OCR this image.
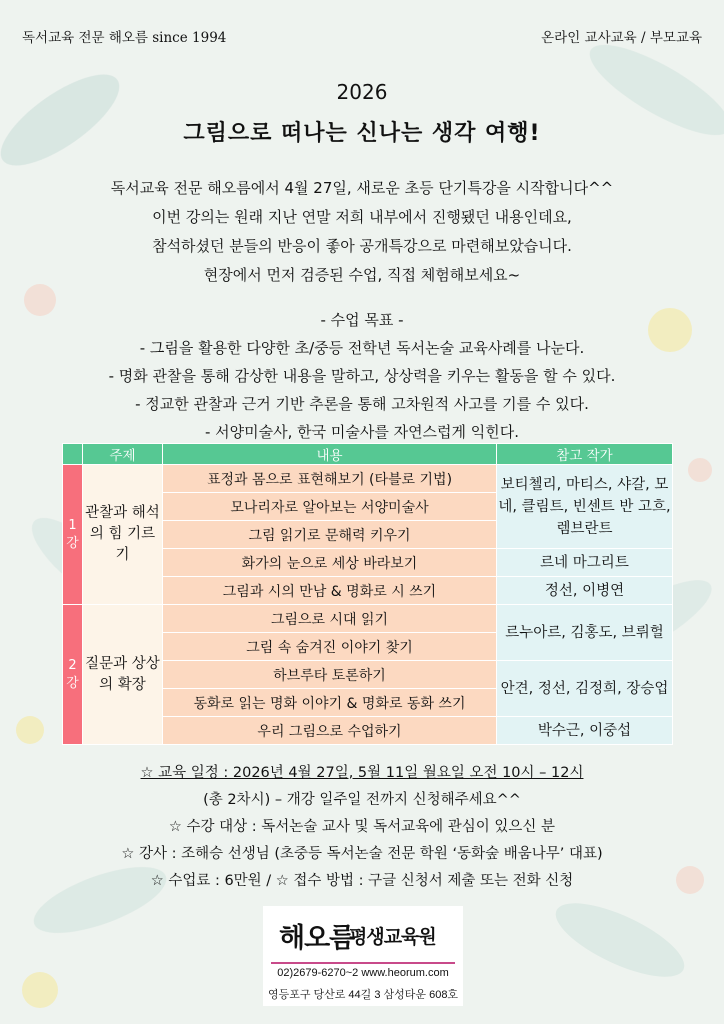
독서교육 전문 해오름 since 1994	온라인 교사교육 / 부모교육
2026
그림으로 떠나는 신나는 생각 여행!
독서교육 전문 해오름에서 4월 27일, 새로운 초등 단기특강을 시작합니다^^
이번 강의는 원래 지난 연말 저희 내부에서 진행됐던 내용인데요,
참석하셨던 분들의 반응이 좋아 공개특강으로 마련해보았습니다.
현장에서 먼저 검증된 수업, 직접 체험해보세요~
- 수업 목표 -
- 그림을 활용한 다양한 초/중등 전학년 독서논술 교육사례를 나눈다.
- 명화 관찰을 통해 감상한 내용을 말하고, 상상력을 키우는 활동을 할 수 있다.
- 정교한 관찰과 근거 기반 추론을 통해 고차원적 사고를 기를 수 있다.
- 서양미술사, 한국 미술사를 자연스럽게 익힌다.
	주제	내용	참고 작가
1 강	관찰과 해석의 힘 기르기	표정과 몸으로 표현해보기 (타블로 기법)	보티첼리, 마티스, 샤갈, 모네, 클림트, 빈센트 반 고흐, 렘브란트
		모나리자로 알아보는 서양미술사	
		그림 읽기로 문해력 키우기	
		화가의 눈으로 세상 바라보기	르네 마그리트
		그림과 시의 만남 & 명화로 시 쓰기	정선, 이병연
2 강	질문과 상상의 확장	그림으로 시대 읽기	르누아르, 김홍도, 브뤼헐
		그림 속 숨겨진 이야기 찾기	
		하브루타 토론하기	안견, 정선, 김정희, 장승업
		동화로 읽는 명화 이야기 & 명화로 동화 쓰기	
		우리 그림으로 수업하기	박수근, 이중섭
☆ 교육 일정 : 2026년 4월 27일, 5월 11일 월요일 오전 10시 – 12시
(총 2차시) – 개강 일주일 전까지 신청해주세요^^
☆ 수강 대상 : 독서논술 교사 및 독서교육에 관심이 있으신 분
☆ 강사 : 조해승 선생님 (초중등 독서논술 전문 학원 ‘동화숲 배움나무’ 대표)
☆ 수업료 : 6만원 / ☆ 접수 방법 : 구글 신청서 제출 또는 전화 신청
해오름
평생교육원
02)2679-6270~2 www.heorum.com
영등포구 당산로 44길 3 삼성타운 608호
